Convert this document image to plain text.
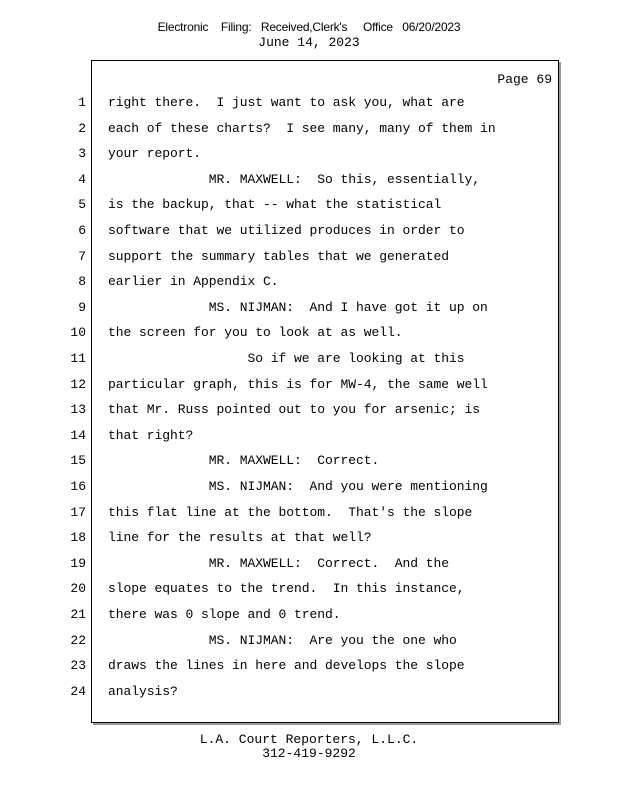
Electronic    Filing:   Received,Clerk's     Office   06/20/2023
June 14, 2023
Page 69
1 right there.  I just want to ask you, what are
2 each of these charts?  I see many, many of them in
3 your report.
4 MR. MAXWELL:  So this, essentially,
5 is the backup, that -- what the statistical
6 software that we utilized produces in order to
7 support the summary tables that we generated
8 earlier in Appendix C.
9 MS. NIJMAN:  And I have got it up on
10 the screen for you to look at as well.
11 So if we are looking at this
12 particular graph, this is for MW-4, the same well
13 that Mr. Russ pointed out to you for arsenic; is
14 that right?
15 MR. MAXWELL:  Correct.
16 MS. NIJMAN:  And you were mentioning
17 this flat line at the bottom.  That's the slope
18 line for the results at that well?
19 MR. MAXWELL:  Correct.  And the
20 slope equates to the trend.  In this instance,
21 there was 0 slope and 0 trend.
22 MS. NIJMAN:  Are you the one who
23 draws the lines in here and develops the slope
24 analysis?
L.A. Court Reporters, L.L.C.
312-419-9292
